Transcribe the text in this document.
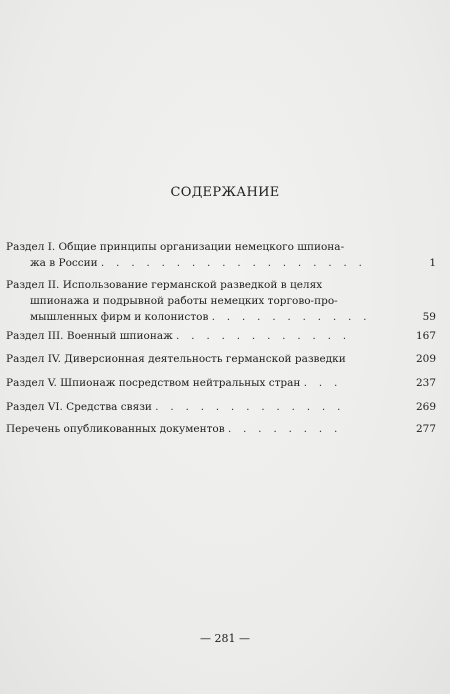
СОДЕРЖАНИЕ
Раздел I. Общие принципы организации немецкого шпиона-
жа в России . . . . . . . . . . . . . . . . . .	1
Раздел II. Использование германской разведкой в целях
шпионажа и подрывной работы немецких торгово-про-
мышленных фирм и колонистов . . . . . . . . . . .	59
Раздел III. Военный шпионаж . . . . . . . . . . . .	167
Раздел IV. Диверсионная деятельность германской разведки	209
Раздел V. Шпионаж посредством нейтральных стран . . .	237
Раздел VI. Средства связи . . . . . . . . . . . . .	269
Перечень опубликованных документов . . . . . . . .	277
— 281 —
